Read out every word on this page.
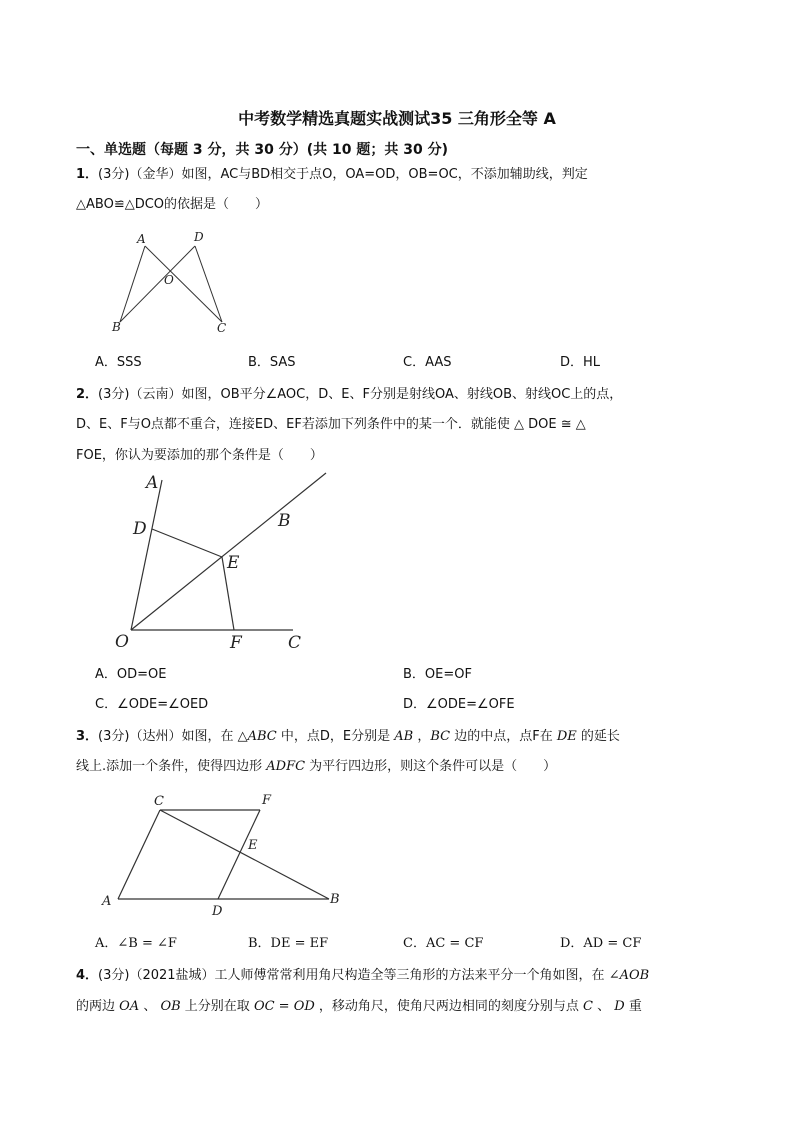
中考数学精选真题实战测试35 三角形全等 A
一、单选题（每题 3 分，共 30 分）(共 10 题；共 30 分)
1．(3分)（金华）如图，AC与BD相交于点O，OA=OD，OB=OC，不添加辅助线，判定
△ABO≌△DCO的依据是（　　）
A	D
O
B	C
A．SSS	B．SAS	C．AAS	D．HL
2．(3分)（云南）如图，OB平分∠AOC，D、E、F分别是射线OA、射线OB、射线OC上的点，
D、E、F与O点都不重合，连接ED、EF若添加下列条件中的某一个．就能使 △ DOE ≅ △
FOE，你认为要添加的那个条件是（　　）
A
D	B
E
O	F	C
A．OD=OE	B．OE=OF
C．∠ODE=∠OED	D．∠ODE=∠OFE
3．(3分)（达州）如图，在 △ABC 中，点D，E分别是 AB ，BC 边的中点，点F在 DE 的延长
线上.添加一个条件，使得四边形 ADFC 为平行四边形，则这个条件可以是（　　）
C	F
E
A
D
B
A．∠B = ∠F	B．DE = EF	C．AC = CF	D．AD = CF
4．(3分)（2021盐城）工人师傅常常利用角尺构造全等三角形的方法来平分一个角如图，在 ∠AOB
的两边 OA 、 OB 上分别在取 OC = OD ，移动角尺，使角尺两边相同的刻度分别与点 C 、 D 重
